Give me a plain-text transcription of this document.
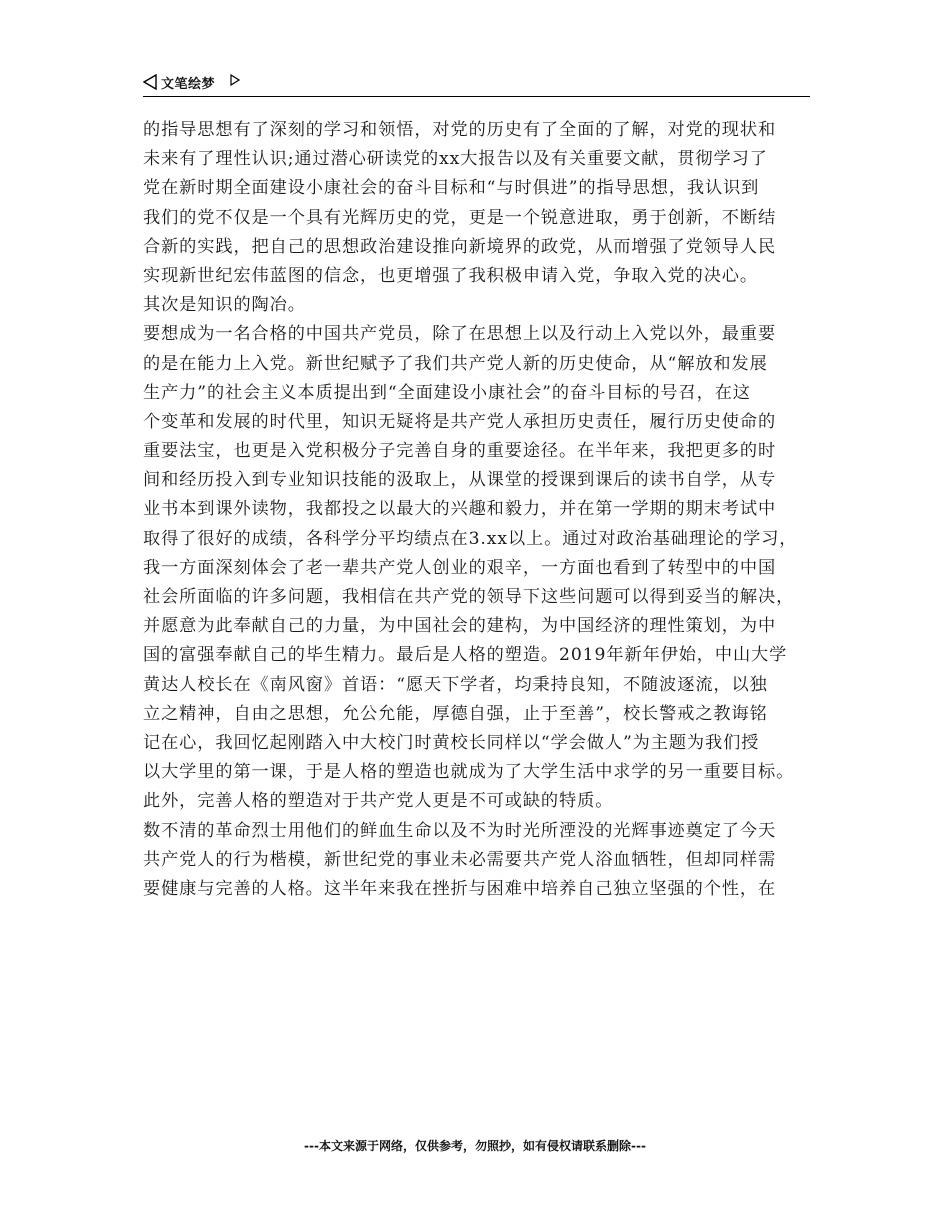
文笔绘梦
的指导思想有了深刻的学习和领悟，对党的历史有了全面的了解，对党的现状和
未来有了理性认识;通过潜心研读党的xx大报告以及有关重要文献，贯彻学习了
党在新时期全面建设小康社会的奋斗目标和“与时俱进”的指导思想，我认识到
我们的党不仅是一个具有光辉历史的党，更是一个锐意进取，勇于创新，不断结
合新的实践，把自己的思想政治建设推向新境界的政党，从而增强了党领导人民
实现新世纪宏伟蓝图的信念，也更增强了我积极申请入党，争取入党的决心。
其次是知识的陶冶。
要想成为一名合格的中国共产党员，除了在思想上以及行动上入党以外，最重要
的是在能力上入党。新世纪赋予了我们共产党人新的历史使命，从“解放和发展
生产力”的社会主义本质提出到“全面建设小康社会”的奋斗目标的号召，在这
个变革和发展的时代里，知识无疑将是共产党人承担历史责任，履行历史使命的
重要法宝，也更是入党积极分子完善自身的重要途径。在半年来，我把更多的时
间和经历投入到专业知识技能的汲取上，从课堂的授课到课后的读书自学，从专
业书本到课外读物，我都投之以最大的兴趣和毅力，并在第一学期的期末考试中
取得了很好的成绩，各科学分平均绩点在3.xx以上。通过对政治基础理论的学习，
我一方面深刻体会了老一辈共产党人创业的艰辛，一方面也看到了转型中的中国
社会所面临的许多问题，我相信在共产党的领导下这些问题可以得到妥当的解决，
并愿意为此奉献自己的力量，为中国社会的建构，为中国经济的理性策划，为中
国的富强奉献自己的毕生精力。最后是人格的塑造。2019年新年伊始，中山大学
黄达人校长在《南风窗》首语：“愿天下学者，均秉持良知，不随波逐流，以独
立之精神，自由之思想，允公允能，厚德自强，止于至善”，校长警戒之教诲铭
记在心，我回忆起刚踏入中大校门时黄校长同样以“学会做人”为主题为我们授
以大学里的第一课，于是人格的塑造也就成为了大学生活中求学的另一重要目标。
此外，完善人格的塑造对于共产党人更是不可或缺的特质。
数不清的革命烈士用他们的鲜血生命以及不为时光所湮没的光辉事迹奠定了今天
共产党人的行为楷模，新世纪党的事业未必需要共产党人浴血牺牲，但却同样需
要健康与完善的人格。这半年来我在挫折与困难中培养自己独立坚强的个性，在
---本文来源于网络，仅供参考，勿照抄，如有侵权请联系删除---
